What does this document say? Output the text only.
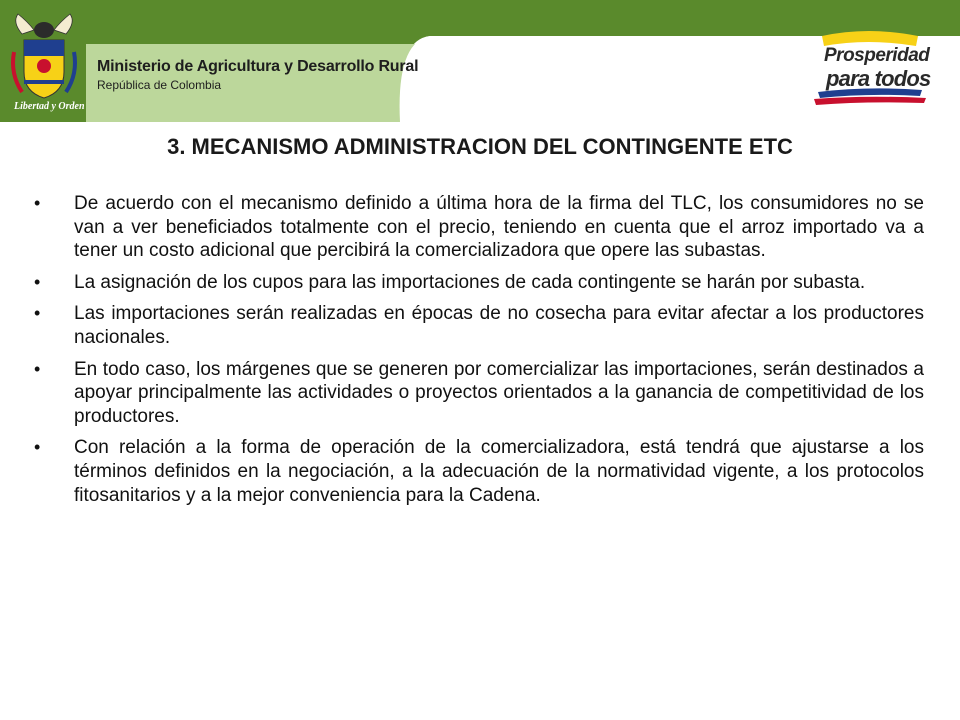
Ministerio de Agricultura y Desarrollo Rural
República de Colombia
Libertad y Orden
Prosperidad
para todos
3. MECANISMO ADMINISTRACION DEL CONTINGENTE ETC
• De acuerdo con el mecanismo definido a última hora de la firma del TLC, los consumidores no se van a ver beneficiados totalmente con el precio, teniendo en cuenta que el arroz importado va a tener un costo adicional que percibirá la comercializadora que opere las subastas.
• La asignación de los cupos para las importaciones de cada contingente se harán por subasta.
• Las importaciones serán realizadas en épocas de no cosecha para evitar afectar a los productores nacionales.
• En todo caso, los márgenes que se generen por comercializar las importaciones, serán destinados a apoyar principalmente las actividades o proyectos orientados a la ganancia de competitividad de los productores.
• Con relación a la forma de operación de la comercializadora, está tendrá que ajustarse a los términos definidos en la negociación, a la adecuación de la normatividad vigente, a los protocolos fitosanitarios y a la mejor conveniencia para la Cadena.
